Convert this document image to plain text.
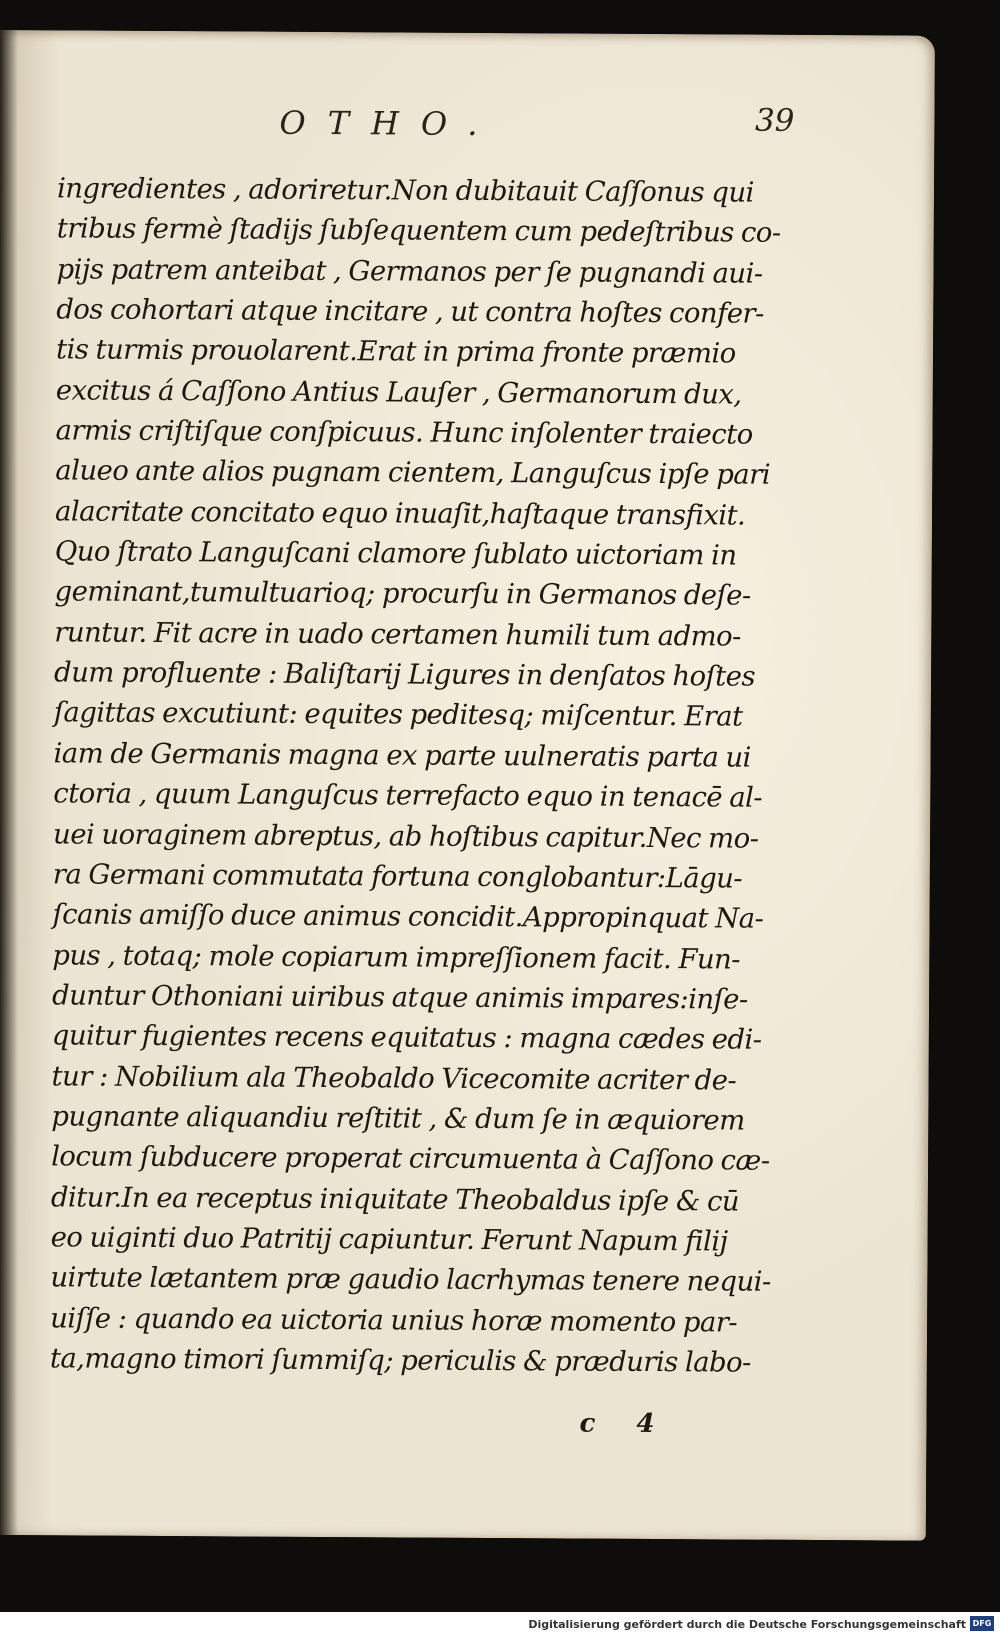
OTHO.	39
ingredientes , adoriretur.Non dubitauit Caſſonus qui
tribus fermè ſtadijs ſubſequentem cum pedeſtribus co-
pijs patrem anteibat , Germanos per ſe pugnandi aui-
dos cohortari atque incitare , ut contra hoſtes confer-
tis turmis prouolarent.Erat in prima fronte præmio
excitus á Caſſono Antius Lauſer , Germanorum dux,
armis criſtiſque conſpicuus. Hunc inſolenter traiecto
alueo ante alios pugnam cientem, Languſcus ipſe pari
alacritate concitato equo inuaſit,haſtaque transfixit.
Quo ſtrato Languſcani clamore ſublato uictoriam in
geminant,tumultuarioq; procurſu in Germanos deſe-
runtur. Fit acre in uado certamen humili tum admo-
dum profluente : Baliſtarij Ligures in denſatos hoſtes
ſagittas excutiunt: equites peditesq; miſcentur. Erat
iam de Germanis magna ex parte uulneratis parta ui
ctoria , quum Languſcus terrefacto equo in tenacē al-
uei uoraginem abreptus, ab hoſtibus capitur.Nec mo-
ra Germani commutata fortuna conglobantur:Lāgu-
ſcanis amiſſo duce animus concidit.Appropinquat Na-
pus , totaq; mole copiarum impreſſionem facit. Fun-
duntur Othoniani uiribus atque animis impares:inſe-
quitur fugientes recens equitatus : magna cædes edi-
tur : Nobilium ala Theobaldo Vicecomite acriter de-
pugnante aliquandiu reſtitit , & dum ſe in æquiorem
locum ſubducere properat circumuenta à Caſſono cæ-
ditur.In ea receptus iniquitate Theobaldus ipſe & cū
eo uiginti duo Patritij capiuntur. Ferunt Napum filij
uirtute lætantem præ gaudio lacrhymas tenere nequi-
uiſſe : quando ea uictoria unius horæ momento par-
ta,magno timori ſummiſq; periculis & præduris labo-
c 4
Digitalisierung gefördert durch die Deutsche Forschungsgemeinschaft DFG
